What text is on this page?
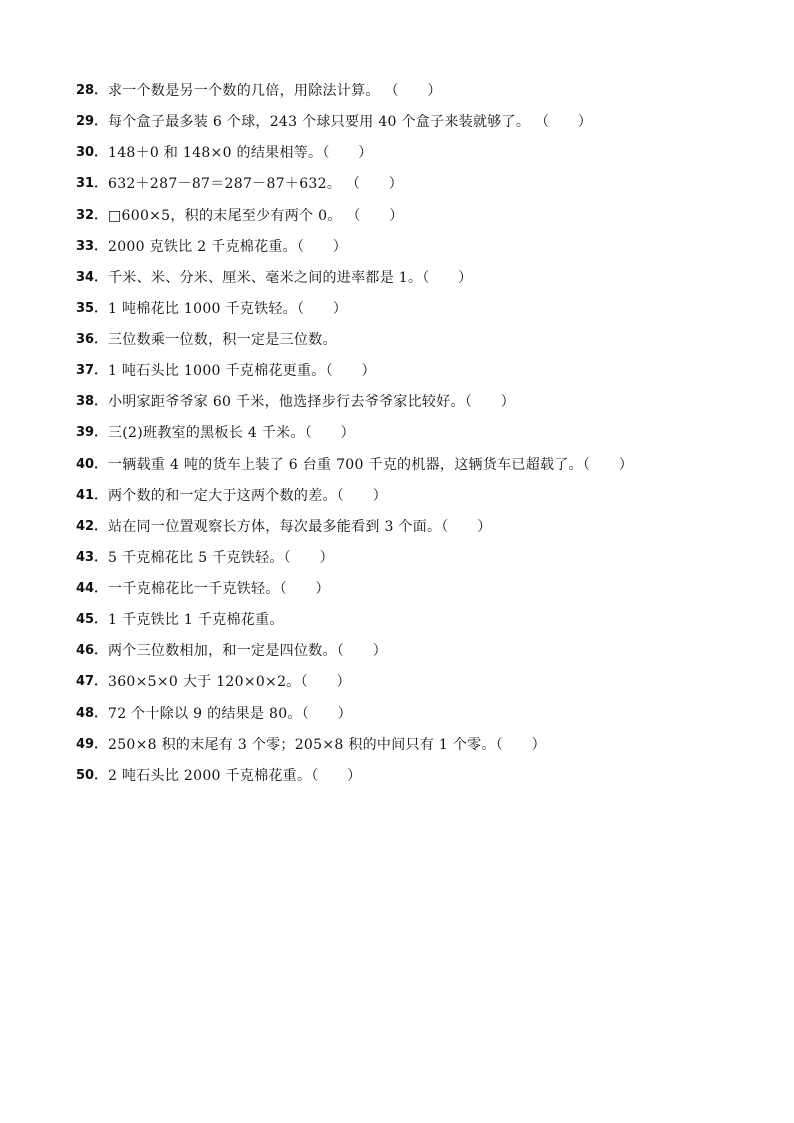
28． 求一个数是另一个数的几倍，用除法计算。 （　　）
29． 每个盒子最多装 6 个球，243 个球只要用 40 个盒子来装就够了。 （　　）
30． 148＋0 和 148×0 的结果相等。（　　）
31． 632＋287－87＝287－87＋632。 （　　）
32． □600×5，积的末尾至少有两个 0。 （　　）
33． 2000 克铁比 2 千克棉花重。（　　）
34． 千米、米、分米、厘米、毫米之间的进率都是 1。（　　）
35． 1 吨棉花比 1000 千克铁轻。（　　）
36． 三位数乘一位数，积一定是三位数。
37． 1 吨石头比 1000 千克棉花更重。（　　）
38． 小明家距爷爷家 60 千米，他选择步行去爷爷家比较好。（　　）
39． 三(2)班教室的黑板长 4 千米。（　　）
40． 一辆载重 4 吨的货车上装了 6 台重 700 千克的机器，这辆货车已超载了。（　　）
41． 两个数的和一定大于这两个数的差。（　　）
42． 站在同一位置观察长方体，每次最多能看到 3 个面。（　　）
43． 5 千克棉花比 5 千克铁轻。（　　）
44． 一千克棉花比一千克铁轻。（　　）
45． 1 千克铁比 1 千克棉花重。
46． 两个三位数相加，和一定是四位数。（　　）
47． 360×5×0 大于 120×0×2。（　　）
48． 72 个十除以 9 的结果是 80。（　　）
49． 250×8 积的末尾有 3 个零；205×8 积的中间只有 1 个零。（　　）
50． 2 吨石头比 2000 千克棉花重。（　　）
